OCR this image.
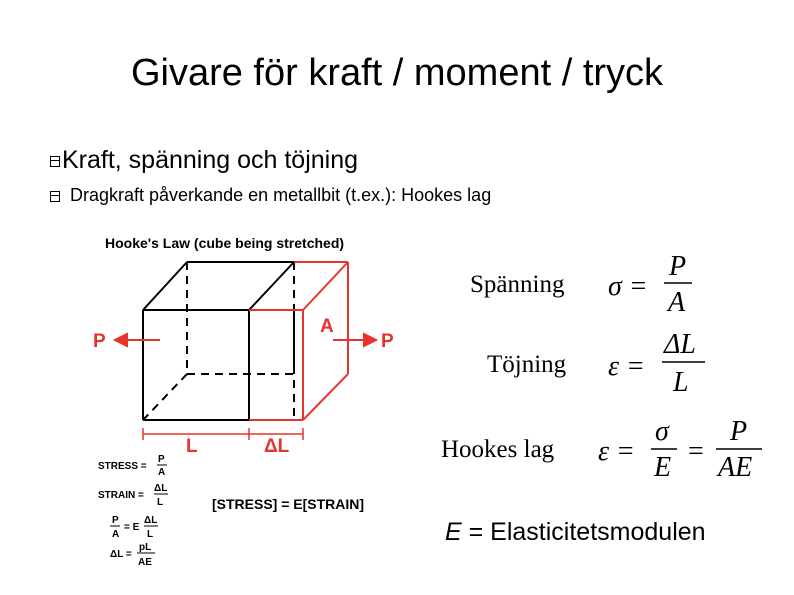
Givare för kraft / moment / tryck
Kraft, spänning och töjning
Dragkraft påverkande en metallbit (t.ex.): Hookes lag
Hooke's Law (cube being stretched)
P	P
A
L	ΔL
STRESS =
P
A
STRAIN =
ΔL
L
P
A
= E
ΔL
L
ΔL =
pL
AE
[STRESS] = E[STRAIN]
Spänning σ =
P
A
Töjning ε =
ΔL
L
Hookes lag ε =
σ
E
=
P
AE
E = Elasticitetsmodulen
